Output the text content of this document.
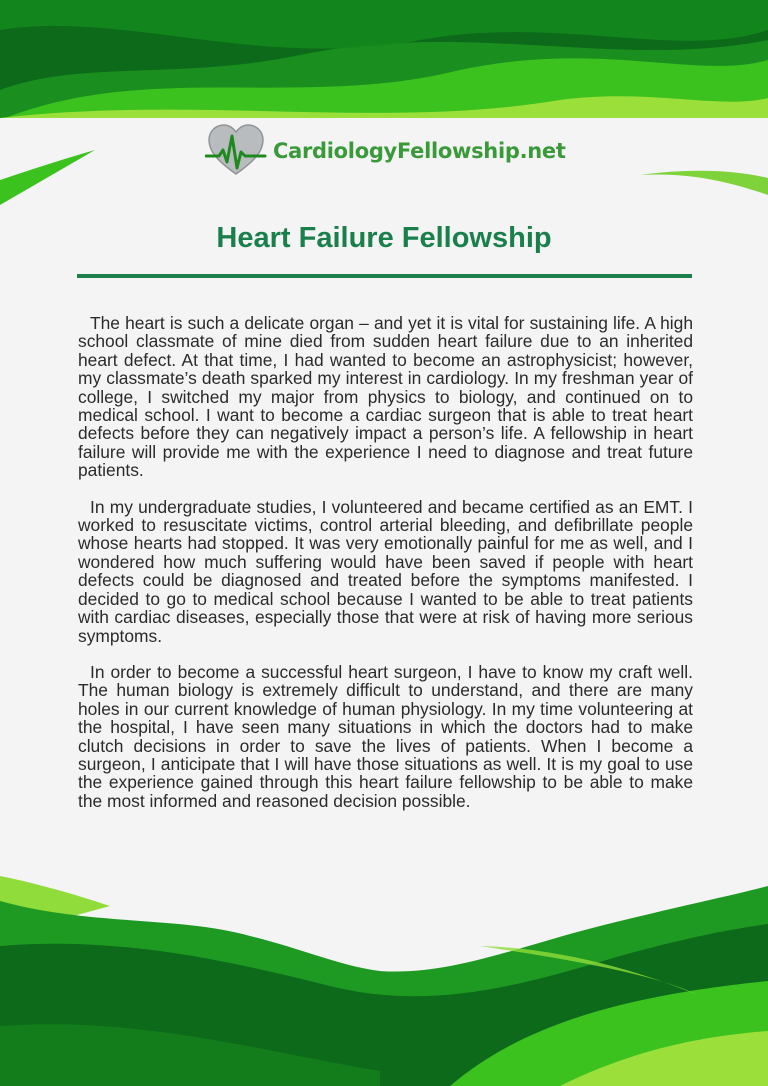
CardiologyFellowship.net
Heart Failure Fellowship

The heart is such a delicate organ – and yet it is vital for sustaining life. A high school classmate of mine died from sudden heart failure due to an inherited heart defect. At that time, I had wanted to become an astrophysicist; however, my classmate’s death sparked my interest in cardiology. In my freshman year of college, I switched my major from physics to biology, and continued on to medical school. I want to become a cardiac surgeon that is able to treat heart defects before they can negatively impact a person’s life. A fellowship in heart failure will provide me with the experience I need to diagnose and treat future patients.

In my undergraduate studies, I volunteered and became certified as an EMT. I worked to resuscitate victims, control arterial bleeding, and defibrillate people whose hearts had stopped. It was very emotionally painful for me as well, and I wondered how much suffering would have been saved if people with heart defects could be diagnosed and treated before the symptoms manifested. I decided to go to medical school because I wanted to be able to treat patients with cardiac diseases, especially those that were at risk of having more serious symptoms.

In order to become a successful heart surgeon, I have to know my craft well. The human biology is extremely difficult to understand, and there are many holes in our current knowledge of human physiology. In my time volunteering at the hospital, I have seen many situations in which the doctors had to make clutch decisions in order to save the lives of patients. When I become a surgeon, I anticipate that I will have those situations as well. It is my goal to use the experience gained through this heart failure fellowship to be able to make the most informed and reasoned decision possible.
